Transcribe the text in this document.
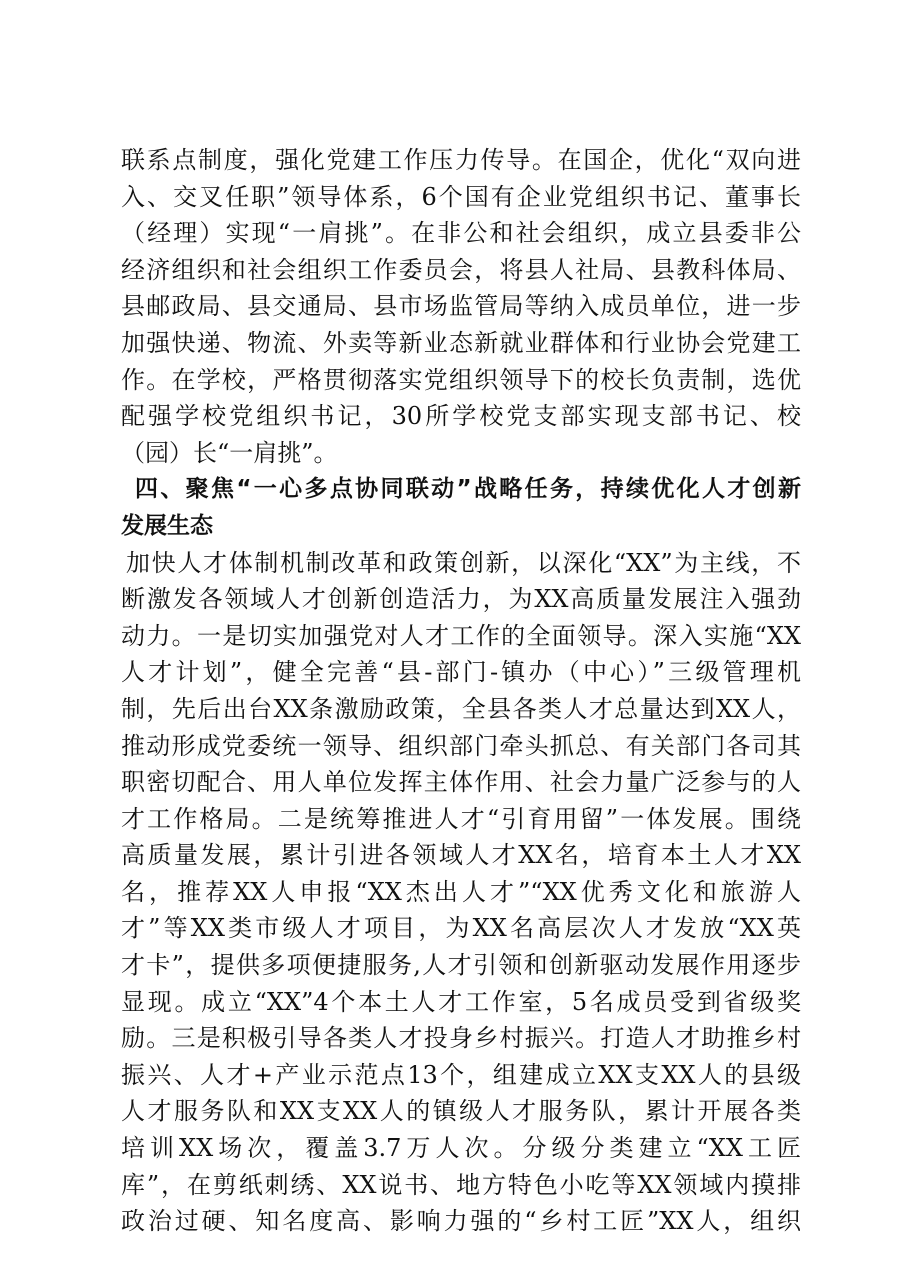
联系点制度，强化党建工作压力传导。在国企，优化“双向进
入、交叉任职”领导体系，6个国有企业党组织书记、董事长
（经理）实现“一肩挑”。在非公和社会组织，成立县委非公
经济组织和社会组织工作委员会，将县人社局、县教科体局、
县邮政局、县交通局、县市场监管局等纳入成员单位，进一步
加强快递、物流、外卖等新业态新就业群体和行业协会党建工
作。在学校，严格贯彻落实党组织领导下的校长负责制，选优
配强学校党组织书记，30所学校党支部实现支部书记、校
（园）长“一肩挑”。
四、聚焦“一心多点协同联动”战略任务，持续优化人才创新
发展生态
加快人才体制机制改革和政策创新，以深化“XX”为主线，不
断激发各领域人才创新创造活力，为XX高质量发展注入强劲
动力。一是切实加强党对人才工作的全面领导。深入实施“XX
人才计划”，健全完善“县-部门-镇办（中心）”三级管理机
制，先后出台XX条激励政策，全县各类人才总量达到XX人，
推动形成党委统一领导、组织部门牵头抓总、有关部门各司其
职密切配合、用人单位发挥主体作用、社会力量广泛参与的人
才工作格局。二是统筹推进人才“引育用留”一体发展。围绕
高质量发展，累计引进各领域人才XX名，培育本土人才XX
名，推荐XX人申报“XX杰出人才”“XX优秀文化和旅游人
才”等XX类市级人才项目，为XX名高层次人才发放“XX英
才卡”，提供多项便捷服务,人才引领和创新驱动发展作用逐步
显现。成立“XX”4个本土人才工作室，5名成员受到省级奖
励。三是积极引导各类人才投身乡村振兴。打造人才助推乡村
振兴、人才+产业示范点13个，组建成立XX支XX人的县级
人才服务队和XX支XX人的镇级人才服务队，累计开展各类
培训XX场次，覆盖3.7万人次。分级分类建立“XX工匠
库”，在剪纸刺绣、XX说书、地方特色小吃等XX领域内摸排
政治过硬、知名度高、影响力强的“乡村工匠”XX人，组织
